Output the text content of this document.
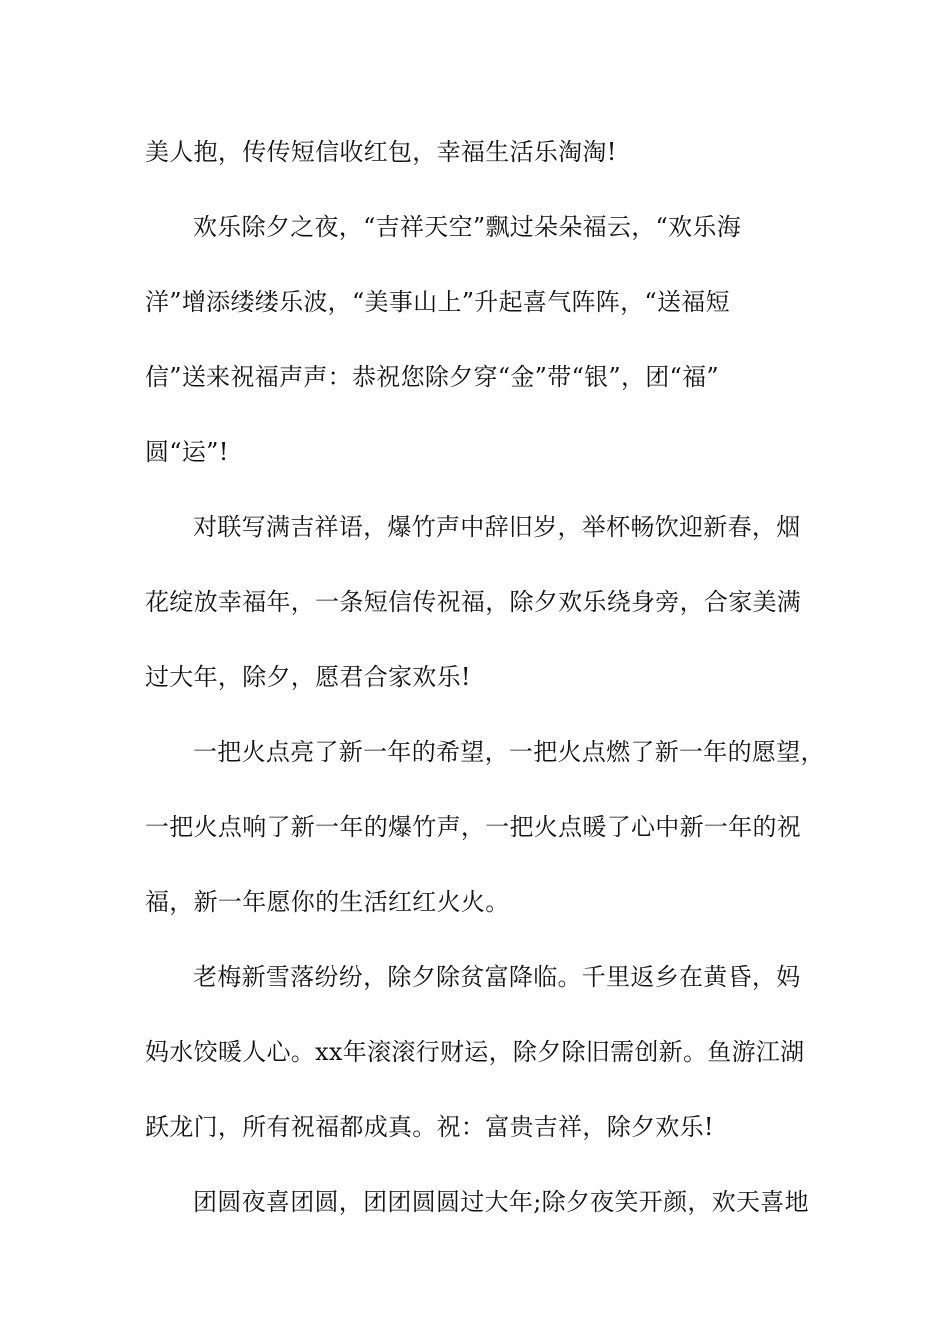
美人抱，传传短信收红包，幸福生活乐淘淘!
欢乐除夕之夜，“吉祥天空”飘过朵朵福云，“欢乐海
洋”增添缕缕乐波，“美事山上”升起喜气阵阵，“送福短
信”送来祝福声声：恭祝您除夕穿“金”带“银”，团“福”
圆“运”!
对联写满吉祥语，爆竹声中辞旧岁，举杯畅饮迎新春，烟
花绽放幸福年，一条短信传祝福，除夕欢乐绕身旁，合家美满
过大年，除夕，愿君合家欢乐!
一把火点亮了新一年的希望，一把火点燃了新一年的愿望，
一把火点响了新一年的爆竹声，一把火点暖了心中新一年的祝
福，新一年愿你的生活红红火火。
老梅新雪落纷纷，除夕除贫富降临。千里返乡在黄昏，妈
妈水饺暖人心。xx年滚滚行财运，除夕除旧需创新。鱼游江湖
跃龙门，所有祝福都成真。祝：富贵吉祥，除夕欢乐!
团圆夜喜团圆，团团圆圆过大年;除夕夜笑开颜，欢天喜地
